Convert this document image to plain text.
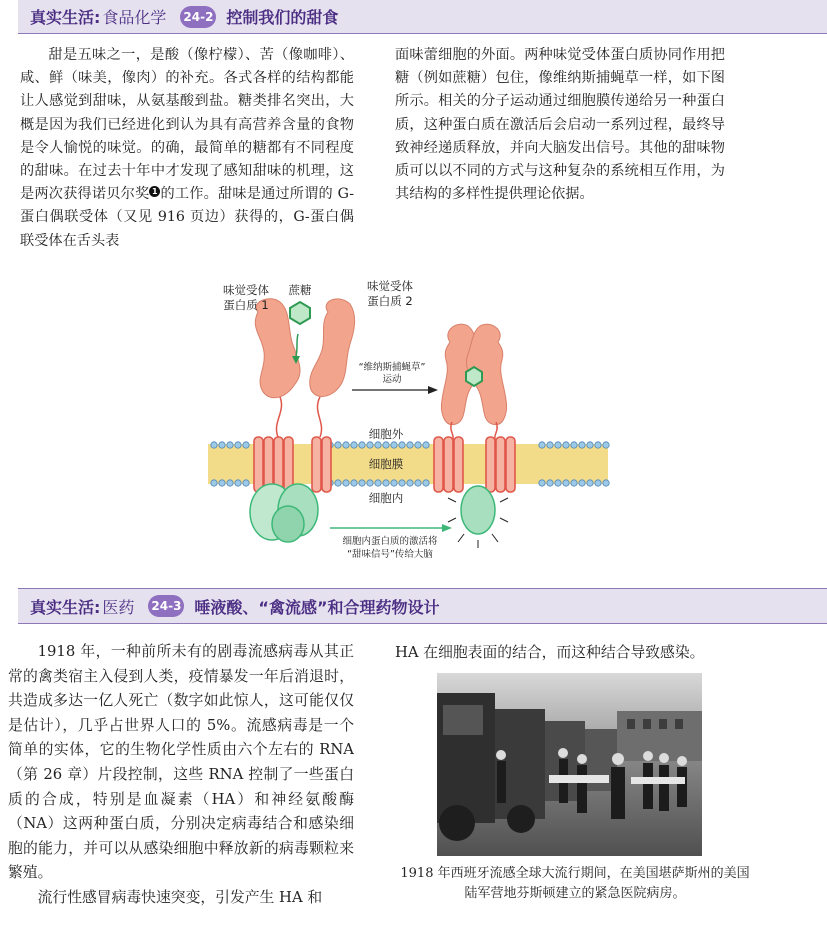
真实生活: 食品化学 24-2 控制我们的甜食

甜是五味之一，是酸（像柠檬）、苦（像咖啡）、咸、鲜（味美，像肉）的补充。各式各样的结构都能让人感觉到甜味，从氨基酸到盐。糖类排名突出，大概是因为我们已经进化到认为具有高营养含量的食物是令人愉悦的味觉。的确，最简单的糖都有不同程度的甜味。在过去十年中才发现了感知甜味的机理，这是两次获得诺贝尔奖 1 的工作。甜味是通过所谓的 G-蛋白偶联受体（又见 916 页边）获得的，G-蛋白偶联受体在舌头表

面味蕾细胞的外面。两种味觉受体蛋白质协同作用把糖（例如蔗糖）包住，像维纳斯捕蝇草一样，如下图所示。相关的分子运动通过细胞膜传递给另一种蛋白质，这种蛋白质在激活后会启动一系列过程，最终导致神经递质释放，并向大脑发出信号。其他的甜味物质可以以不同的方式与这种复杂的系统相互作用，为其结构的多样性提供理论依据。

味觉受体
蛋白质 1
蔗糖	味觉受体
蛋白质 2
“维纳斯捕蝇草”
运动
细胞外
细胞膜
细胞内
细胞内蛋白质的激活将
“甜味信号”传给大脑
真实生活: 医药 24-3 唾液酸、“禽流感”和合理药物设计

1918 年，一种前所未有的剧毒流感病毒从其正常的禽类宿主入侵到人类，疫情暴发一年后消退时，共造成多达一亿人死亡（数字如此惊人，这可能仅仅是估计），几乎占世界人口的 5%。流感病毒是一个简单的实体，它的生物化学性质由六个左右的 RNA（第 26 章）片段控制，这些 RNA 控制了一些蛋白质的合成，特别是血凝素（HA）和神经氨酸酶（NA）这两种蛋白质，分别决定病毒结合和感染细胞的能力，并可以从感染细胞中释放新的病毒颗粒来繁殖。

流行性感冒病毒快速突变，引发产生 HA 和

HA 在细胞表面的结合，而这种结合导致感染。

1918 年西班牙流感全球大流行期间，在美国堪萨斯州的美国陆军营地芬斯顿建立的紧急医院病房。
